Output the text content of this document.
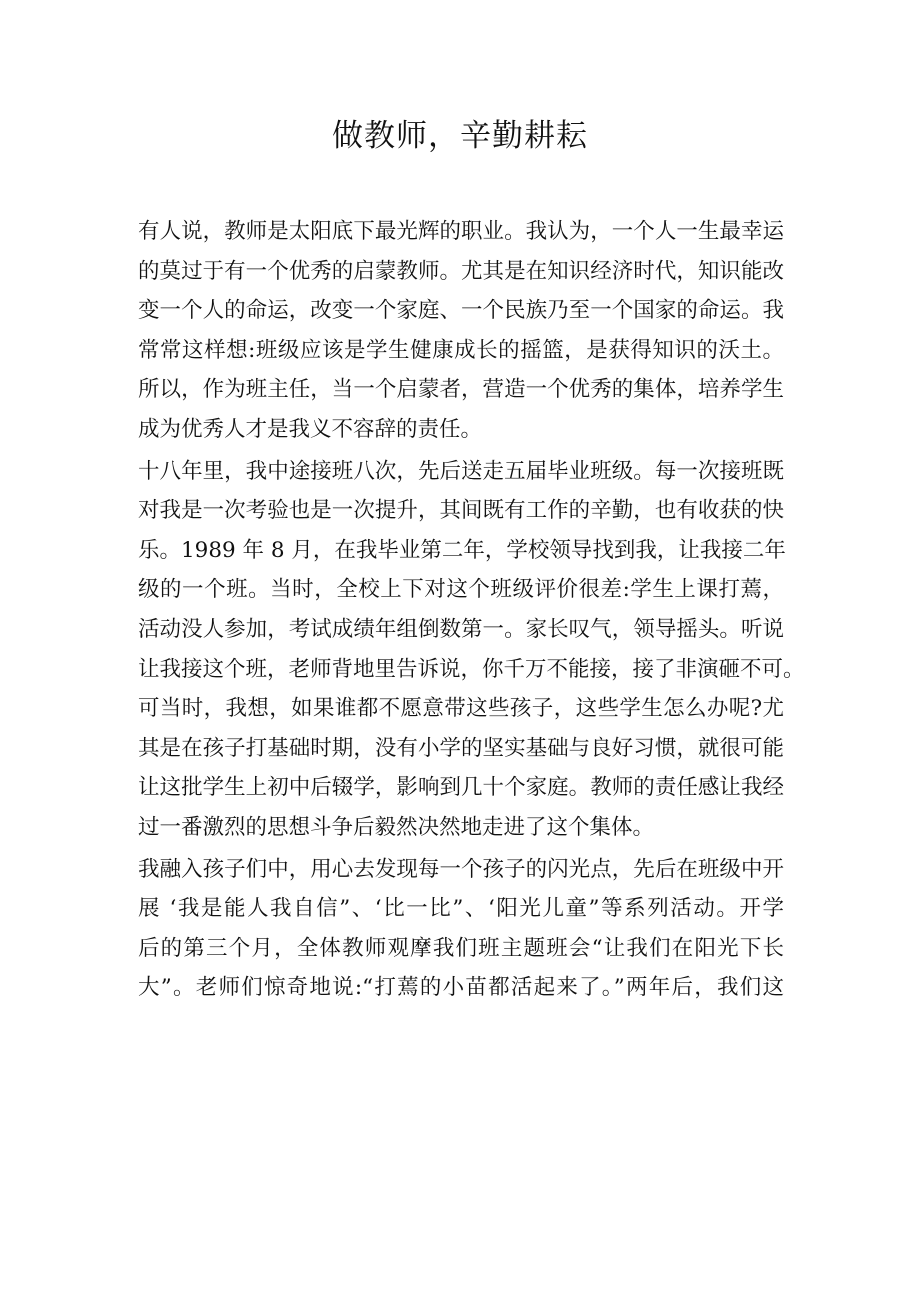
做教师，辛勤耕耘
有人说，教师是太阳底下最光辉的职业。我认为，一个人一生最幸运
的莫过于有一个优秀的启蒙教师。尤其是在知识经济时代，知识能改
变一个人的命运，改变一个家庭、一个民族乃至一个国家的命运。我
常常这样想:班级应该是学生健康成长的摇篮，是获得知识的沃土。
所以，作为班主任，当一个启蒙者，营造一个优秀的集体，培养学生
成为优秀人才是我义不容辞的责任。
十八年里，我中途接班八次，先后送走五届毕业班级。每一次接班既
对我是一次考验也是一次提升，其间既有工作的辛勤，也有收获的快
乐。1989 年 8 月，在我毕业第二年，学校领导找到我，让我接二年
级的一个班。当时，全校上下对这个班级评价很差:学生上课打蔫，
活动没人参加，考试成绩年组倒数第一。家长叹气，领导摇头。听说
让我接这个班，老师背地里告诉说，你千万不能接，接了非演砸不可。
可当时，我想，如果谁都不愿意带这些孩子，这些学生怎么办呢?尤
其是在孩子打基础时期，没有小学的坚实基础与良好习惯，就很可能
让这批学生上初中后辍学，影响到几十个家庭。教师的责任感让我经
过一番激烈的思想斗争后毅然决然地走进了这个集体。
我融入孩子们中，用心去发现每一个孩子的闪光点，先后在班级中开
展 ‘我是能人我自信”、‘比一比”、‘阳光儿童”等系列活动。开学
后的第三个月，全体教师观摩我们班主题班会“让我们在阳光下长
大”。老师们惊奇地说:“打蔫的小苗都活起来了。”两年后，我们这
